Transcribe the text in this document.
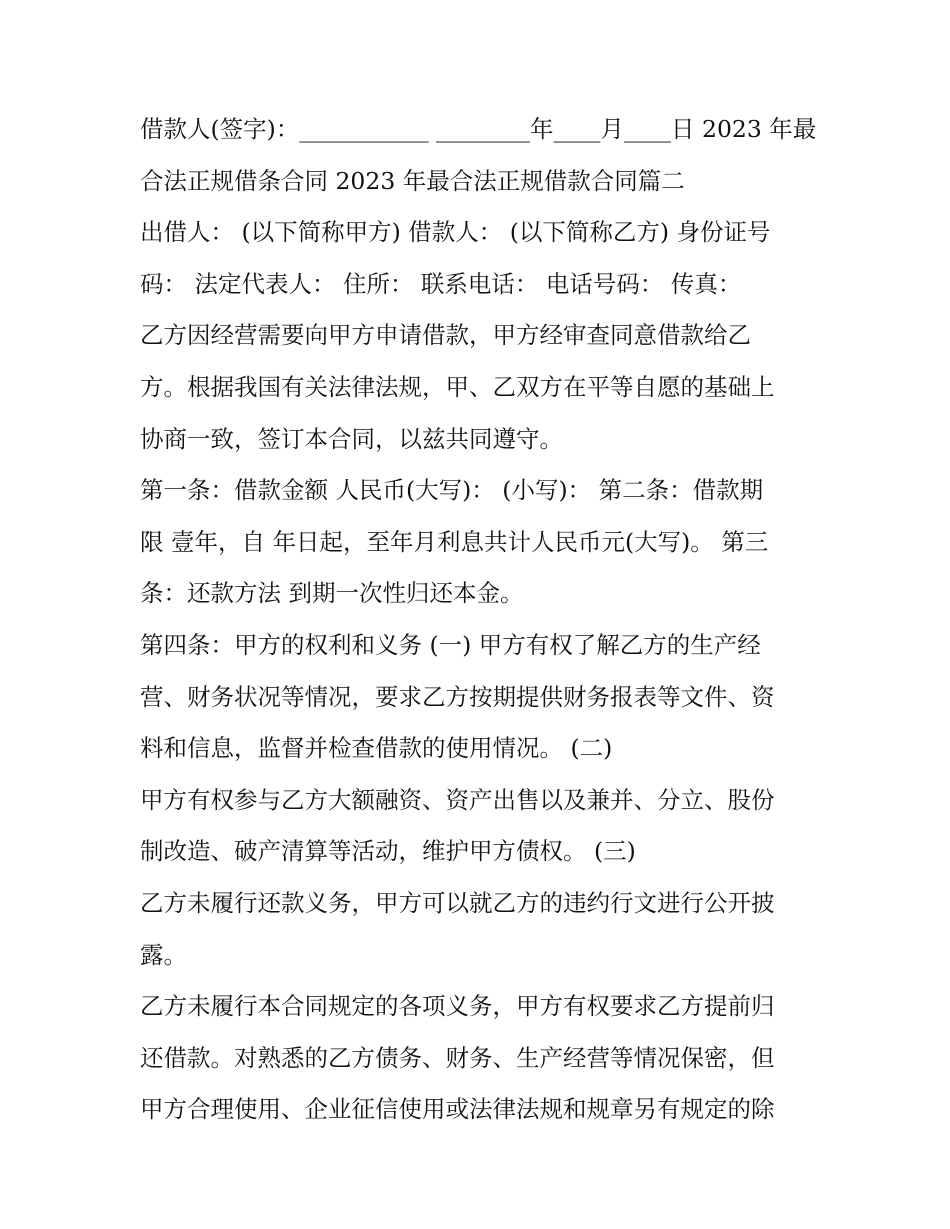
借款人(签字)：___________ ________年____月____日 2023 年最
合法正规借条合同 2023 年最合法正规借款合同篇二
出借人： (以下简称甲方) 借款人： (以下简称乙方) 身份证号
码： 法定代表人： 住所： 联系电话： 电话号码： 传真：
乙方因经营需要向甲方申请借款，甲方经审查同意借款给乙
方。根据我国有关法律法规，甲、乙双方在平等自愿的基础上
协商一致，签订本合同，以兹共同遵守。
第一条：借款金额 人民币(大写)： (小写)： 第二条：借款期
限 壹年，自 年日起，至年月利息共计人民币元(大写)。 第三
条：还款方法 到期一次性归还本金。
第四条：甲方的权利和义务 (一) 甲方有权了解乙方的生产经
营、财务状况等情况，要求乙方按期提供财务报表等文件、资
料和信息，监督并检查借款的使用情况。 (二)
甲方有权参与乙方大额融资、资产出售以及兼并、分立、股份
制改造、破产清算等活动，维护甲方债权。 (三)
乙方未履行还款义务，甲方可以就乙方的违约行文进行公开披
露。
乙方未履行本合同规定的各项义务，甲方有权要求乙方提前归
还借款。对熟悉的乙方债务、财务、生产经营等情况保密，但
甲方合理使用、企业征信使用或法律法规和规章另有规定的除
